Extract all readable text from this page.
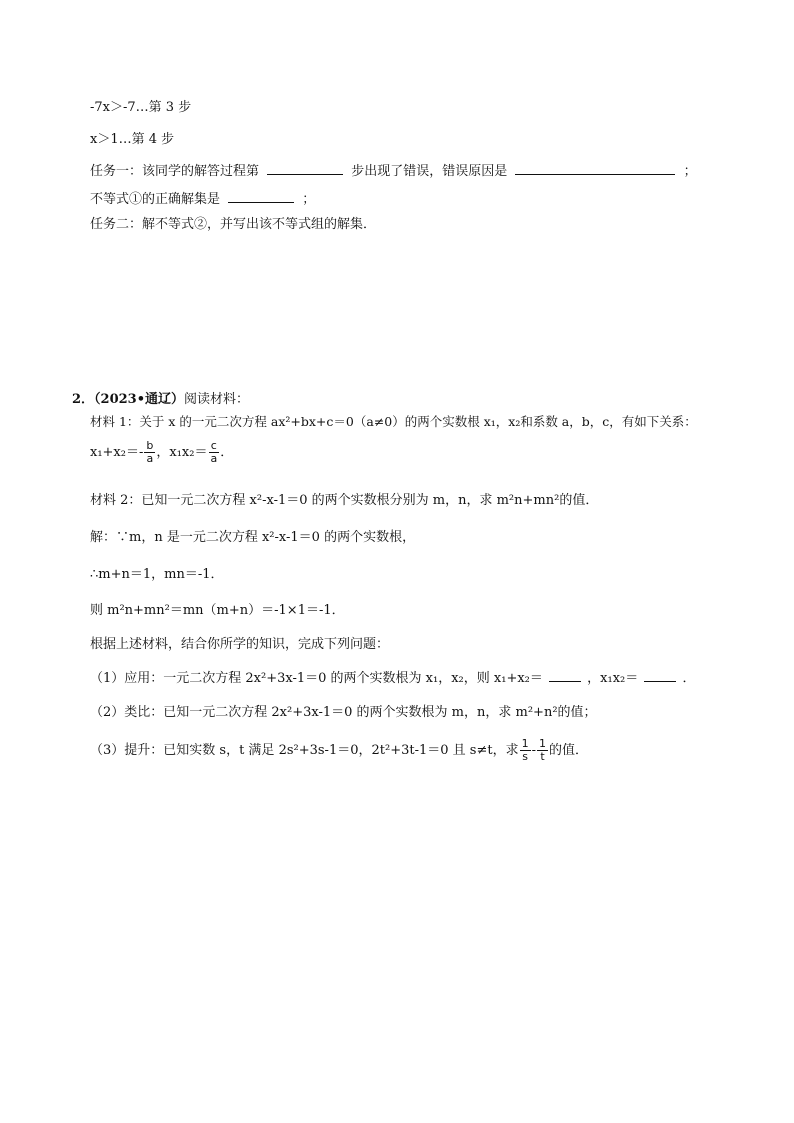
-7x＞-7…第 3 步
x＞1…第 4 步
任务一：该同学的解答过程第	步出现了错误，错误原因是	；
不等式①的正确解集是	；
任务二：解不等式②，并写出该不等式组的解集．
2．（2023•通辽）阅读材料：
材料 1：关于 x 的一元二次方程 ax²+bx+c＝0（a≠0）的两个实数根 x₁，x₂和系数 a，b，c，有如下关系：
$x_1+x_2=- \frac{b}{a}$ ，$x_1x_2= \frac{c}{a}$ ．
材料 2：已知一元二次方程 x²-x-1＝0 的两个实数根分别为 m，n，求 m²n+mn²的值．
解：∵m，n 是一元二次方程 x²-x-1＝0 的两个实数根，
∴m+n＝1，mn＝-1．
则 m²n+mn²＝mn（m+n）＝-1×1＝-1．
根据上述材料，结合你所学的知识，完成下列问题：
（1）应用：一元二次方程 2x²+3x-1＝0 的两个实数根为 x₁，x₂，则 x₁+x₂＝	，x₁x₂＝	．
（2）类比：已知一元二次方程 2x²+3x-1＝0 的两个实数根为 m，n，求 m²+n²的值；
（3）提升：已知实数 s，t 满足 2s²+3s-1＝0，2t²+3t-1＝0 且 s≠t，求 $\frac{1}{s} - \frac{1}{t}$ 的值．
